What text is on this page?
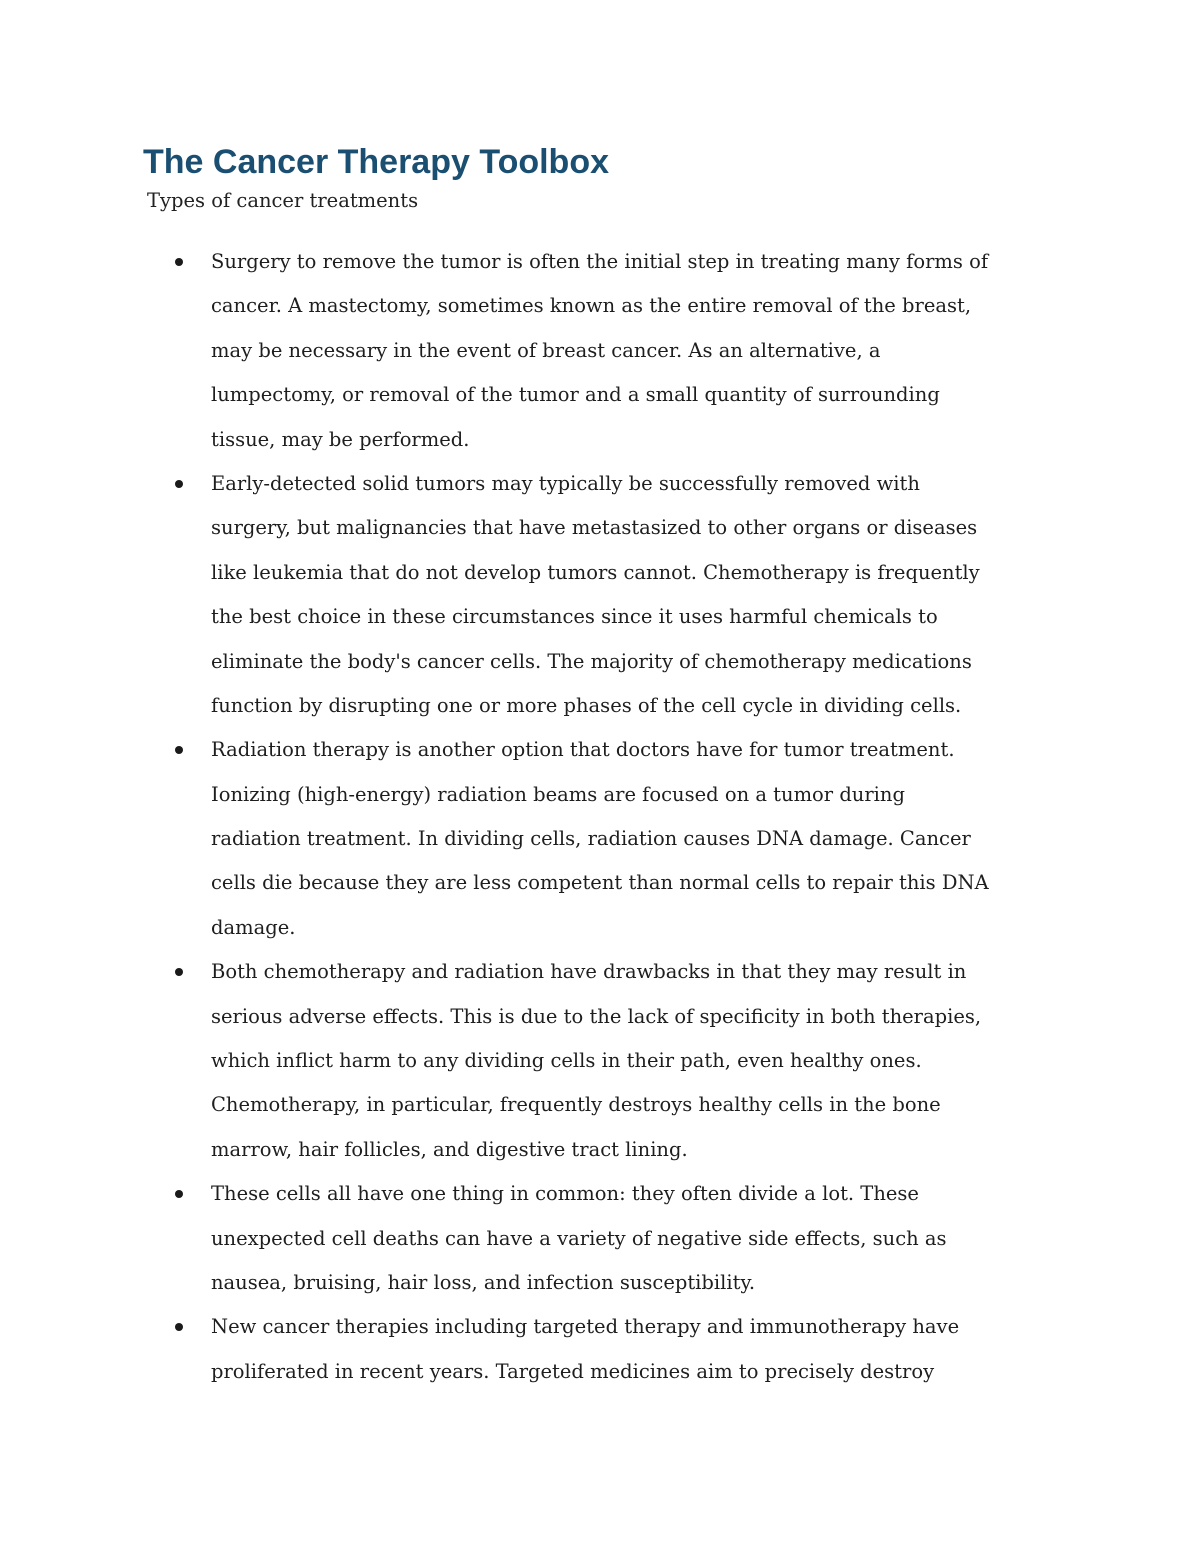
The Cancer Therapy Toolbox

Types of cancer treatments

Surgery to remove the tumor is often the initial step in treating many forms of
cancer. A mastectomy, sometimes known as the entire removal of the breast,
may be necessary in the event of breast cancer. As an alternative, a
lumpectomy, or removal of the tumor and a small quantity of surrounding
tissue, may be performed.
Early-detected solid tumors may typically be successfully removed with
surgery, but malignancies that have metastasized to other organs or diseases
like leukemia that do not develop tumors cannot. Chemotherapy is frequently
the best choice in these circumstances since it uses harmful chemicals to
eliminate the body's cancer cells. The majority of chemotherapy medications
function by disrupting one or more phases of the cell cycle in dividing cells.
Radiation therapy is another option that doctors have for tumor treatment.
Ionizing (high-energy) radiation beams are focused on a tumor during
radiation treatment. In dividing cells, radiation causes DNA damage. Cancer
cells die because they are less competent than normal cells to repair this DNA
damage.
Both chemotherapy and radiation have drawbacks in that they may result in
serious adverse effects. This is due to the lack of specificity in both therapies,
which inflict harm to any dividing cells in their path, even healthy ones.
Chemotherapy, in particular, frequently destroys healthy cells in the bone
marrow, hair follicles, and digestive tract lining.
These cells all have one thing in common: they often divide a lot. These
unexpected cell deaths can have a variety of negative side effects, such as
nausea, bruising, hair loss, and infection susceptibility.
New cancer therapies including targeted therapy and immunotherapy have
proliferated in recent years. Targeted medicines aim to precisely destroy
